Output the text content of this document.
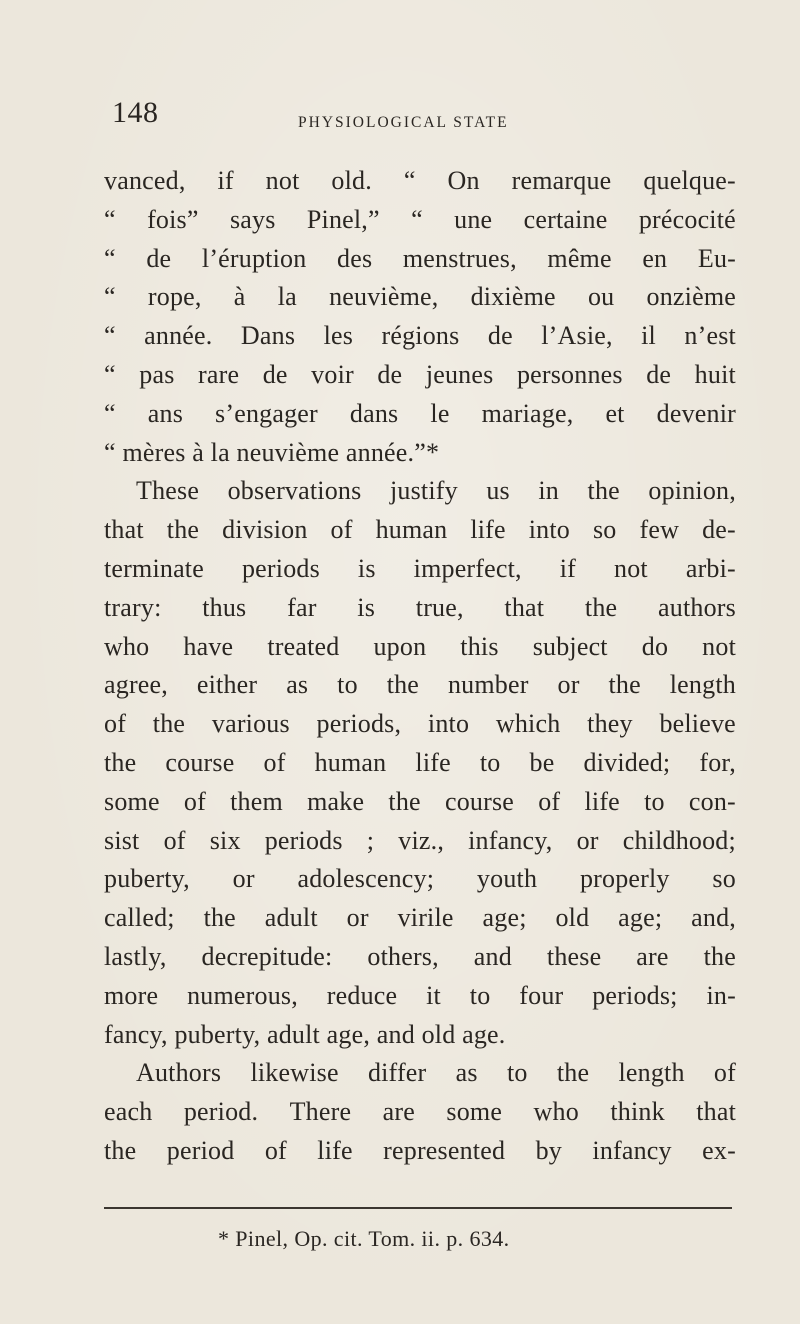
148	PHYSIOLOGICAL STATE
vanced, if not old. “ On remarque quelque-
“ fois” says Pinel,” “ une certaine précocité
“ de l’éruption des menstrues, même en Eu-
“ rope, à la neuvième, dixième ou onzième
“ année. Dans les régions de l’Asie, il n’est
“ pas rare de voir de jeunes personnes de huit
“ ans s’engager dans le mariage, et devenir
“ mères à la neuvième année.”*
These observations justify us in the opinion,
that the division of human life into so few de-
terminate periods is imperfect, if not arbi-
trary: thus far is true, that the authors
who have treated upon this subject do not
agree, either as to the number or the length
of the various periods, into which they believe
the course of human life to be divided; for,
some of them make the course of life to con-
sist of six periods ; viz., infancy, or childhood;
puberty, or adolescency; youth properly so
called; the adult or virile age; old age; and,
lastly, decrepitude: others, and these are the
more numerous, reduce it to four periods; in-
fancy, puberty, adult age, and old age.
Authors likewise differ as to the length of
each period. There are some who think that
the period of life represented by infancy ex-
* Pinel, Op. cit. Tom. ii. p. 634.
